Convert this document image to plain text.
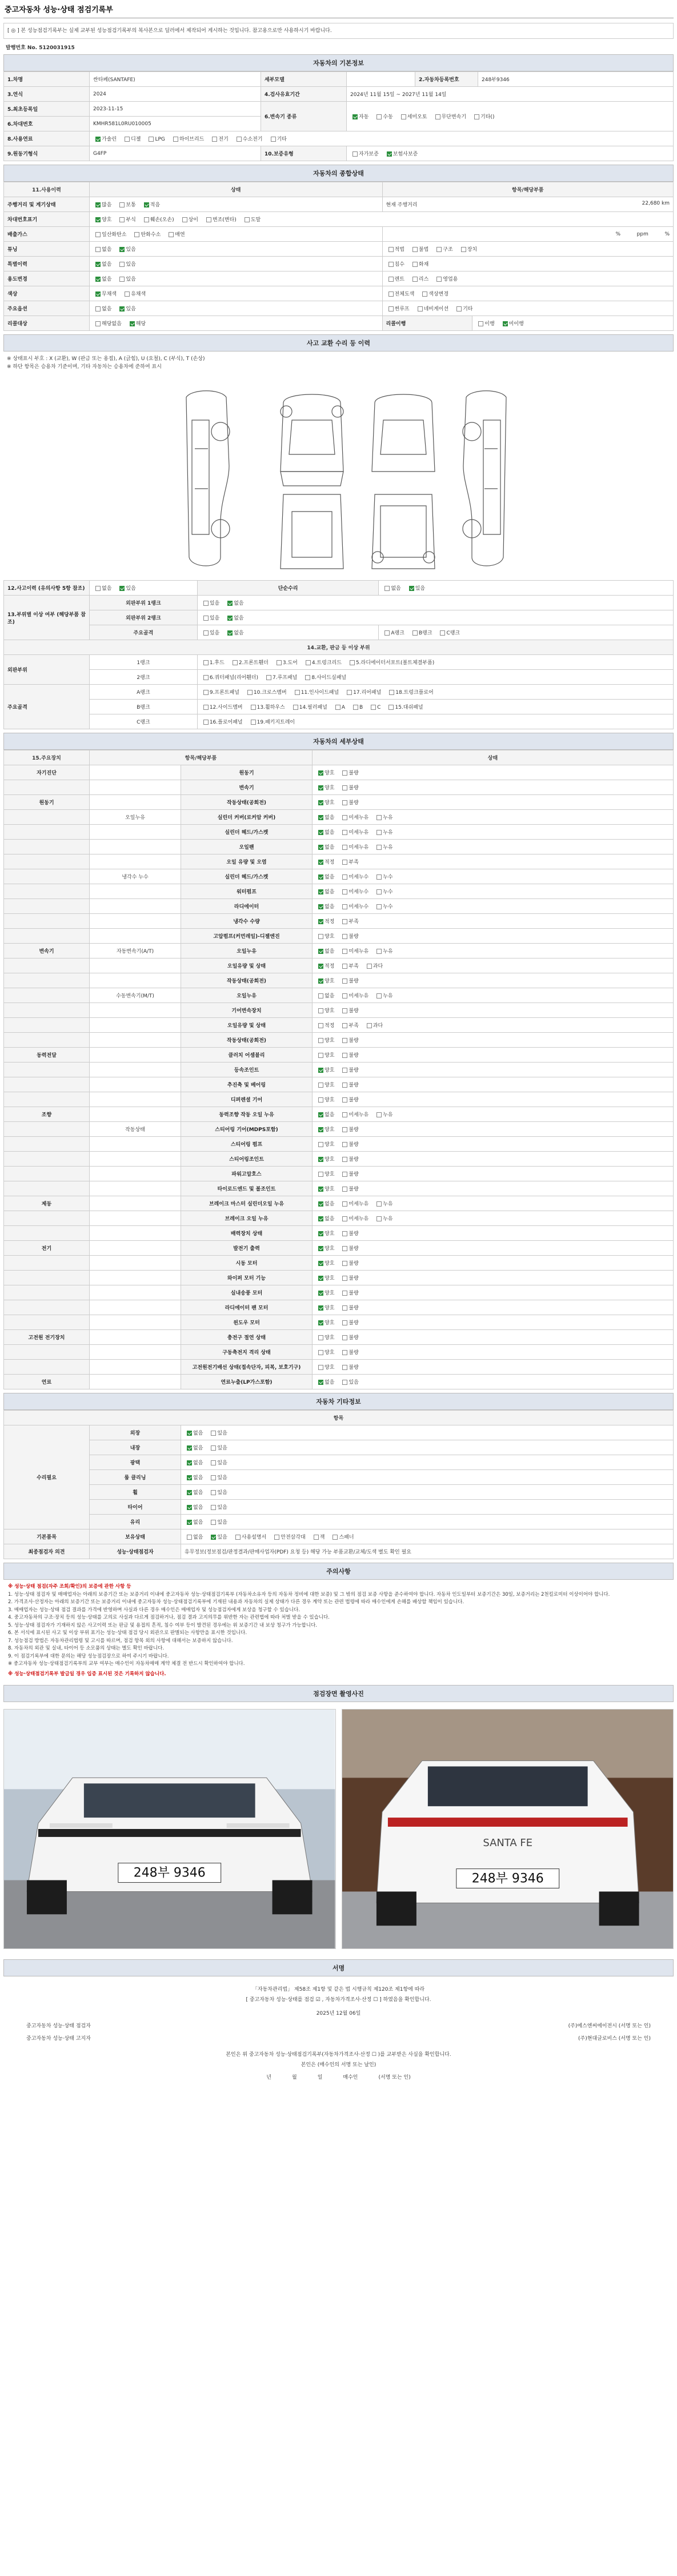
중고자동차 성능·상태 점검기록부
[ ◎ ] 본 성능점검기록부는 실제 교부된 성능점검기록부의 복사본으로 딜러에서 제작되어 게시하는 것입니다. 참고용으로만 사용하시기 바랍니다.
발행번호 No. 5120031915
자동차의 기본정보
1.차명	싼타페(SANTAFE)	세부모델		2.자동차등록번호	248부9346
3.연식	2024	4.검사유효기간	2024년 11월 15일 ~ 2027년 11월 14일		
5.최초등록일	2023-11-15	6.변속기 종류	자동 수동 세미오토 무단변속기 기타()		
6.차대번호	KMHR581L0RU010005				
8.사용연료	가솔린 디젤 LPG 하이브리드 전기 수소전기 기타				
9.원동기형식	G4FP	10.보증유형	자가보증 보험사보증		
자동차의 종합상태
11.사용이력	상태	항목/해당부품	
주행거리 및 계기상태	많음 보통 적음	현재 주행거리 22,680 km	

차대번호표기	양호 부식 훼손(오손) 상이 변조(변타) 도말		
배출가스	일산화탄소 탄화수소 매연	%          ppm          %	
튜닝	없음 있음	적법 불법 구조 장치	
특별이력	없음 있음	침수 화재	
용도변경	없음 있음	렌트 리스 영업용	
색상	무채색 유채색	전체도색 색상변경	
주요옵션	없음 있음	썬루프 네비게이션 기타	
리콜대상	해당없음 해당	리콜이행	이행 미이행
사고 교환 수리 등 이력
※ 상태표시 부호 : X (교환), W (판금 또는 용접), A (긁힘), U (요철), C (부식), T (손상)
※ 하단 항목은 승용차 기준이며, 기타 자동차는 승용차에 준하여 표시
12.사고이력 (유의사항 5항 참조)	없음 있음	단순수리	없음 있음
13.부위별 이상 여부 (해당부품 참조)	외판부위 1랭크	있음 없음	
	외판부위 2랭크	있음 없음	
	주요골격	있음 없음	A랭크 B랭크 C랭크
14.교환, 판금 등 이상 부위			
외판부위	1랭크	1.후드 2.프론트휀더 3.도어 4.트렁크리드 5.라디에이터서포트(볼트체결부품)	
	2랭크	6.쿼터패널(리어휀더) 7.루프패널 8.사이드실패널	
주요골격	A랭크	9.프론트패널 10.크로스멤버 11.인사이드패널 17.리어패널 18.트렁크플로어	
	B랭크	12.사이드멤버 13.휠하우스 14.필러패널 A B C 15.대쉬패널	
	C랭크	16.플로어패널 19.패키지트레이	
자동차의 세부상태
15.주요장치	항목/해당부품		상태
자기진단		원동기	양호 불량
		변속기	양호 불량
원동기		작동상태(공회전)	양호 불량
	오일누유	실린더 커버(로커암 커버)	없음 미세누유 누유
		실린더 헤드/가스켓	없음 미세누유 누유
		오일팬	없음 미세누유 누유
		오일 유량 및 오염	적정 부족
	냉각수 누수	실린더 헤드/가스켓	없음 미세누수 누수
		워터펌프	없음 미세누수 누수
		라디에이터	없음 미세누수 누수
		냉각수 수량	적정 부족
		고압펌프(커먼레일)-디젤엔진	양호 불량
변속기	자동변속기(A/T)	오일누유	없음 미세누유 누유
		오일유량 및 상태	적정 부족 과다
		작동상태(공회전)	양호 불량
	수동변속기(M/T)	오일누유	없음 미세누유 누유
		기어변속장치	양호 불량
		오일유량 및 상태	적정 부족 과다
		작동상태(공회전)	양호 불량
동력전달		클러치 어셈블리	양호 불량
		등속조인트	양호 불량
		추진축 및 베어링	양호 불량
		디퍼렌셜 기어	양호 불량
조향		동력조향 작동 오일 누유	없음 미세누유 누유
	작동상태	스티어링 기어(MDPS포함)	양호 불량
		스티어링 펌프	양호 불량
		스티어링조인트	양호 불량
		파워고압호스	양호 불량
		타이로드엔드 및 볼조인트	양호 불량
제동		브레이크 마스터 실린더오일 누유	없음 미세누유 누유
		브레이크 오일 누유	없음 미세누유 누유
		배력장치 상태	양호 불량
전기		발전기 출력	양호 불량
		시동 모터	양호 불량
		와이퍼 모터 기능	양호 불량
		실내송풍 모터	양호 불량
		라디에이터 팬 모터	양호 불량
		윈도우 모터	양호 불량
고전원 전기장치		충전구 절연 상태	양호 불량
		구동축전지 격리 상태	양호 불량
		고전원전기배선 상태(접속단자, 피복, 보호기구)	양호 불량
연료		연료누출(LP가스포함)	없음 있음
자동차 기타정보
항목		
수리필요	외장	없음 있음
	내장	없음 있음
	광택	없음 있음
	룸 클리닝	없음 있음
	휠	없음 있음
	타이어	없음 있음
	유리	없음 있음
기본품목	보유상태	없음 있음 사용설명서 안전삼각대 잭 스패너
최종점검자 의견	성능·상태점검자	유무정보(정보점검/판정결과/판매사업자(PDF) 요청 등) 해당 가능 부품교환/교체/도색 별도 확인 필요
주의사항
※ 성능·상태 점검(자주 조회/확인)의 보증에 관한 사항 등
1. 성능·상태 점검자 및 매매업자는 아래의 보증기간 또는 보증거리 이내에 중고자동차 성능·상태점검기록부 (자동차소유자 등의 자동차 정비에 대한 보증) 및 그 밖의 점검 보증 사항을 준수하여야 합니다. 자동차 인도일부터 보증기간은 30일, 보증거리는 2천킬로미터 이상이어야 합니다.
2. 가격조사·산정자는 아래의 보증기간 또는 보증거리 이내에 중고자동차 성능·상태점검기록부에 기재된 내용과 자동차의 실제 상태가 다른 경우 계약 또는 관련 법령에 따라 매수인에게 손해를 배상할 책임이 있습니다.
3. 매매업자는 성능·상태 점검 결과를 가격에 반영하며 사실과 다른 경우 매수인은 매매업자 및 성능점검자에게 보상을 청구할 수 있습니다.
4. 중고자동차의 구조·장치 등의 성능·상태를 고의로 사실과 다르게 점검하거나, 점검 결과 고지의무를 위반한 자는 관련법에 따라 처벌 받을 수 있습니다.
5. 성능·상태 점검자가 기재하지 않은 사고이력 또는 판금 및 용접의 흔적, 침수 여부 등이 발견된 경우에는 위 보증기간 내 보상 청구가 가능합니다.
6. 본 서식에 표시된 사고 및 이상 부위 표기는 성능·상태 점검 당시 외관으로 판별되는 사항만을 표시한 것입니다.
7. 성능점검 방법은 자동차관리법령 및 고시를 따르며, 점검 항목 외의 사항에 대해서는 보증하지 않습니다.
8. 자동차의 외관 및 실내, 타이어 등 소모품의 상태는 별도 확인 바랍니다.
9. 이 점검기록부에 대한 문의는 해당 성능점검장으로 하여 주시기 바랍니다.
※ 중고자동차 성능·상태점검기록부의 교부 여부는 매수인이 자동차매매 계약 체결 전 반드시 확인하여야 합니다.
※ 성능·상태점검기록부 발급일 경우 입증 표시된 것은 기록하지 않습니다.
점검장면 촬영사진
248부 9346
SANTA FE
248부 9346
서명
「자동차관리법」 제58조 제1항 및 같은 법 시행규칙 제120조 제1항에 따라
[ 중고자동차 성능·상태를 점검 ☑ , 자동차가격조사·산정 ☐ ] 하였음을 확인합니다.
2025년 12월 06일
중고자동차 성능·상태 점검자	(주)에스엔씨에이전시 (서명 또는 인)
중고자동차 성능·상태 고지자	(주)현대글로비스 (서명 또는 인)
본인은 위 중고자동차 성능·상태점검기록부(자동차가격조사·산정 ☐ )를 교부받은 사실을 확인합니다.
본인은 (매수인의 서명 또는 날인)
년	월	일	매수인	(서명 또는 인)
